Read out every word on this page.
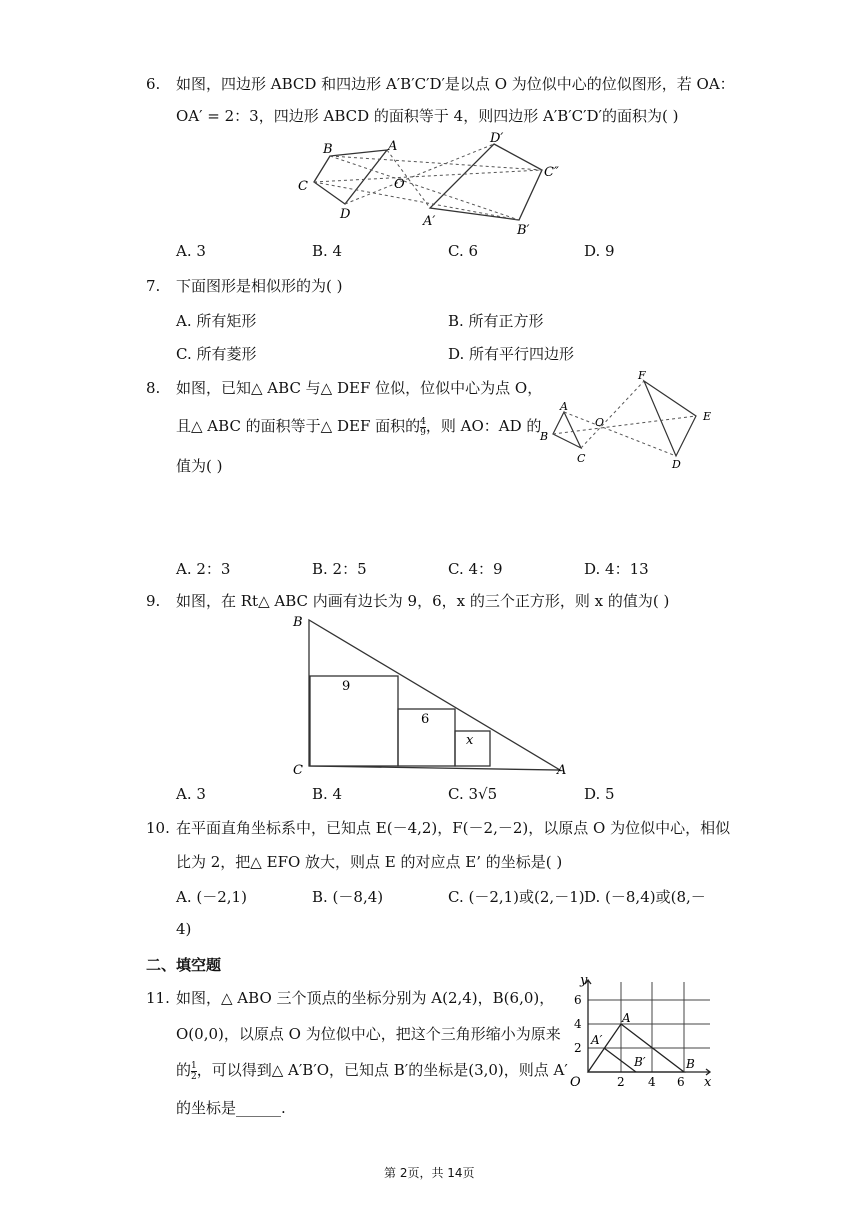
6. 如图，四边形 ABCD 和四边形 A′B′C′D′是以点 O 为位似中心的位似图形，若 OA：
OA′ = 2：3，四边形 ABCD 的面积等于 4，则四边形 A′B′C′D′的面积为( )
B	A
C
D
O
A′
B′
C″
D′
A. 3	B. 4	C. 6	D. 9
7. 下面图形是相似形的为( )
A. 所有矩形	B. 所有正方形
C. 所有菱形	D. 所有平行四边形
8. 如图，已知△ ABC 与△ DEF 位似，位似中心为点 O，
且△ ABC 的面积等于△ DEF 面积的 $\frac{4}{9}$ ，则 AO：AD 的
值为( )
A
B
C
O
D
E
F
A. 2：3	B. 2：5	C. 4：9	D. 4：13
9. 如图，在 Rt△ ABC 内画有边长为 9，6，x 的三个正方形，则 x 的值为( )
B
C	A
9
6
x
A. 3	B. 4	C. 3√5	D. 5
10. 在平面直角坐标系中，已知点 E(－4,2)，F(－2,－2)，以原点 O 为位似中心，相似
比为 2，把△ EFO 放大，则点 E 的对应点 E’ 的坐标是( )
A. (－2,1)	B. (－8,4)	C. (－2,1)或(2,－1) D. (－8,4)或(8,－
4)
二、填空题
11. 如图，△ ABO 三个顶点的坐标分别为 A(2,4)，B(6,0)，
O(0,0)，以原点 O 为位似中心，把这个三角形缩小为原来
的 $\frac{1}{2}$ ，可以得到△ A′B′O，已知点 B′的坐标是(3,0)，则点 A′
的坐标是______.
y
x
O
6
4
2
2 4 6
A
A′
B′	B
第 2页，共 14页
